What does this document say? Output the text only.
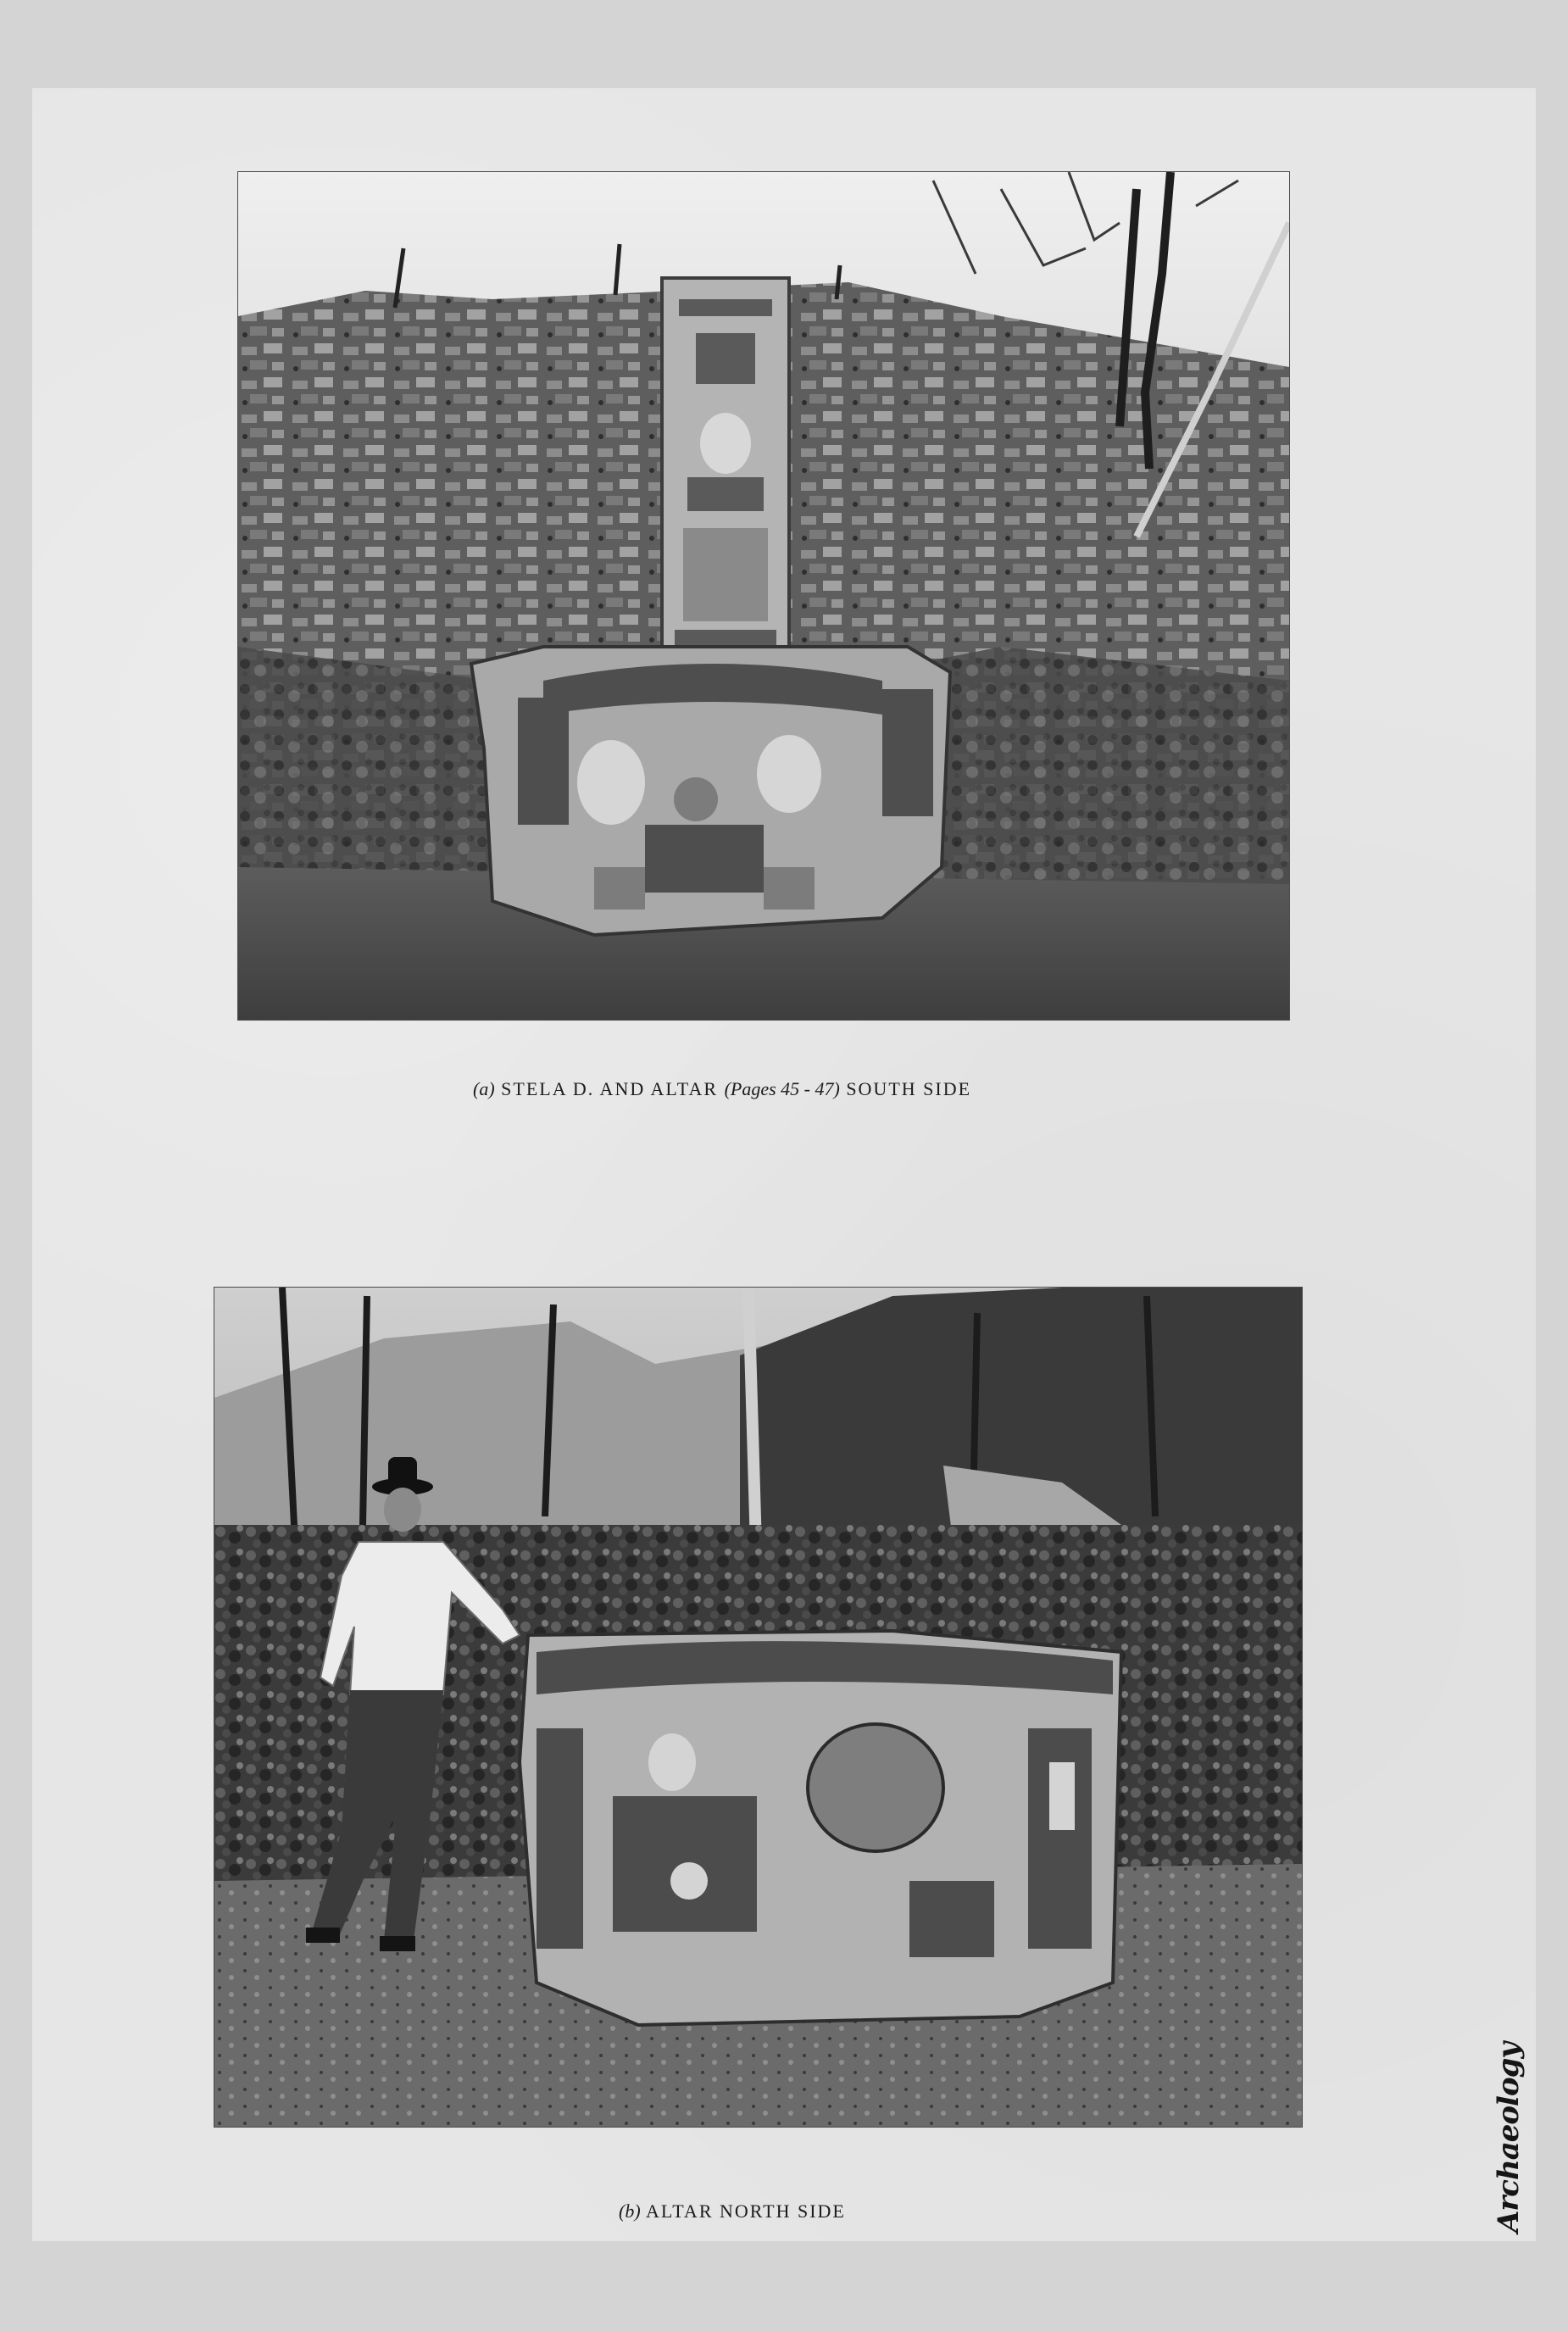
(a) STELA D. AND ALTAR (Pages 45 - 47) SOUTH SIDE
(b) ALTAR NORTH SIDE	Archaeology
